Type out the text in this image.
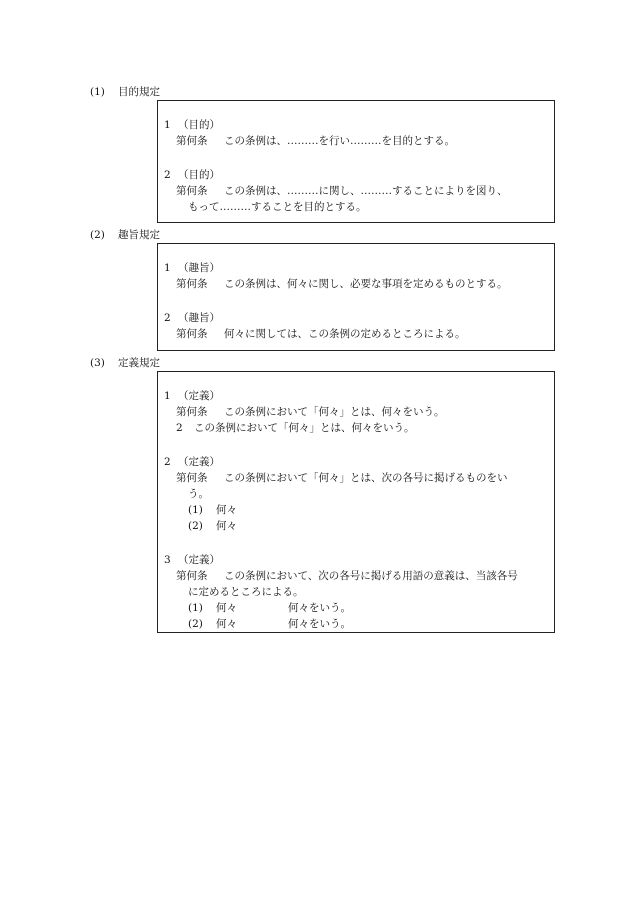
(1) 目的規定
1 （目的）
第何条 この条例は、………を行い………を目的とする。
2 （目的）
第何条 この条例は、………に関し、………することによりを図り、
もって………することを目的とする。
(2) 趣旨規定
1 （趣旨）
第何条 この条例は、何々に関し、必要な事項を定めるものとする。
2 （趣旨）
第何条 何々に関しては、この条例の定めるところによる。
(3) 定義規定
1 （定義）
第何条 この条例において「何々」とは、何々をいう。
2 この条例において「何々」とは、何々をいう。
2 （定義）
第何条 この条例において「何々」とは、次の各号に掲げるものをい
う。
(1) 何々
(2) 何々
3 （定義）
第何条 この条例において、次の各号に掲げる用語の意義は、当該各号
に定めるところによる。
(1) 何々	何々をいう。
(2) 何々	何々をいう。
